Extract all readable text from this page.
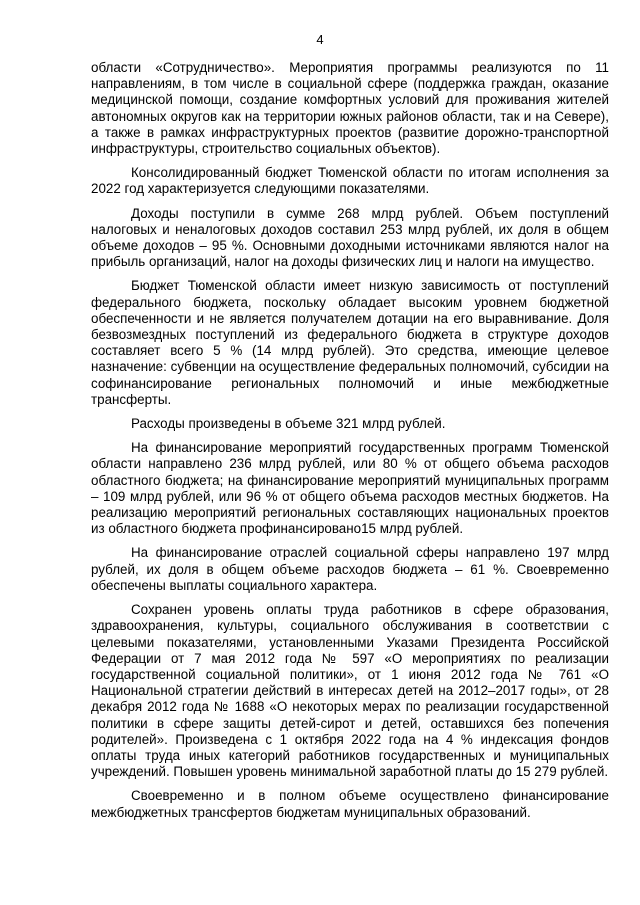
4

области «Сотрудничество». Мероприятия программы реализуются по 11 направлениям, в том числе в социальной сфере (поддержка граждан, оказание медицинской помощи, создание комфортных условий для проживания жителей автономных округов как на территории южных районов области, так и на Севере), а также в рамках инфраструктурных проектов (развитие дорожно-транспортной инфраструктуры, строительство социальных объектов).

Консолидированный бюджет Тюменской области по итогам исполнения за 2022 год характеризуется следующими показателями.

Доходы поступили в сумме 268 млрд рублей. Объем поступлений налоговых и неналоговых доходов составил 253 млрд рублей, их доля в общем объеме доходов – 95 %. Основными доходными источниками являются налог на прибыль организаций, налог на доходы физических лиц и налоги на имущество.

Бюджет Тюменской области имеет низкую зависимость от поступлений федерального бюджета, поскольку обладает высоким уровнем бюджетной обеспеченности и не является получателем дотации на его выравнивание. Доля безвозмездных поступлений из федерального бюджета в структуре доходов составляет всего 5 % (14 млрд рублей). Это средства, имеющие целевое назначение: субвенции на осуществление федеральных полномочий, субсидии на софинансирование региональных полномочий и иные межбюджетные трансферты.

Расходы произведены в объеме 321 млрд рублей.

На финансирование мероприятий государственных программ Тюменской области направлено 236 млрд рублей, или 80 % от общего объема расходов областного бюджета; на финансирование мероприятий муниципальных программ – 109 млрд рублей, или 96 % от общего объема расходов местных бюджетов. На реализацию мероприятий региональных составляющих национальных проектов из областного бюджета профинансировано15 млрд рублей.

На финансирование отраслей социальной сферы направлено 197 млрд рублей, их доля в общем объеме расходов бюджета – 61 %. Своевременно обеспечены выплаты социального характера.

Сохранен уровень оплаты труда работников в сфере образования, здравоохранения, культуры, социального обслуживания в соответствии с целевыми показателями, установленными Указами Президента Российской Федерации от 7 мая 2012 года № 597 «О мероприятиях по реализации государственной социальной политики», от 1 июня 2012 года № 761 «О Национальной стратегии действий в интересах детей на 2012–2017 годы», от 28 декабря 2012 года № 1688 «О некоторых мерах по реализации государственной политики в сфере защиты детей-сирот и детей, оставшихся без попечения родителей». Произведена с 1 октября 2022 года на 4 % индексация фондов оплаты труда иных категорий работников государственных и муниципальных учреждений. Повышен уровень минимальной заработной платы до 15 279 рублей.

Своевременно и в полном объеме осуществлено финансирование межбюджетных трансфертов бюджетам муниципальных образований.
